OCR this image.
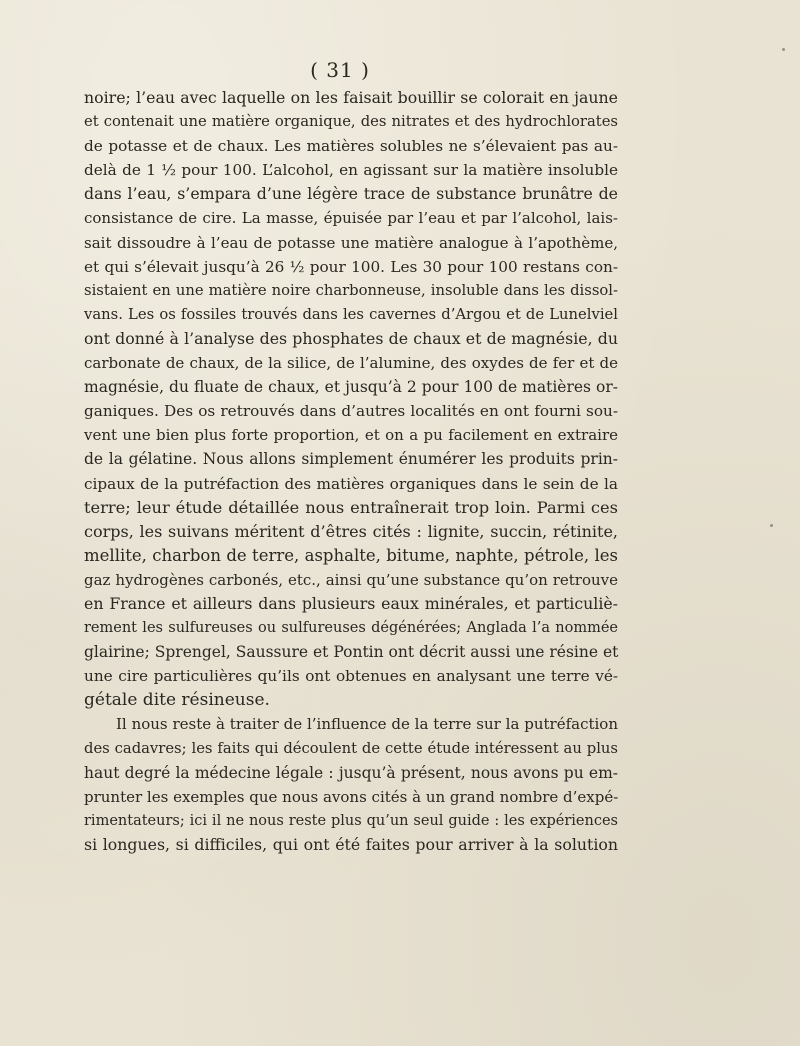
( 31 )
noire; l’eau avec laquelle on les faisait bouillir se colorait en jaune
et contenait une matière organique, des nitrates et des hydrochlorates
de potasse et de chaux. Les matières solubles ne s’élevaient pas au-
delà de 1 ½ pour 100. L’alcohol, en agissant sur la matière insoluble
dans l’eau, s’empara d’une légère trace de substance brunâtre de
consistance de cire. La masse, épuisée par l’eau et par l’alcohol, lais-
sait dissoudre à l’eau de potasse une matière analogue à l’apothème,
et qui s’élevait jusqu’à 26 ½ pour 100. Les 30 pour 100 restans con-
sistaient en une matière noire charbonneuse, insoluble dans les dissol-
vans. Les os fossiles trouvés dans les cavernes d’Argou et de Lunelviel
ont donné à l’analyse des phosphates de chaux et de magnésie, du
carbonate de chaux, de la silice, de l’alumine, des oxydes de fer et de
magnésie, du fluate de chaux, et jusqu’à 2 pour 100 de matières or-
ganiques. Des os retrouvés dans d’autres localités en ont fourni sou-
vent une bien plus forte proportion, et on a pu facilement en extraire
de la gélatine. Nous allons simplement énumérer les produits prin-
cipaux de la putréfaction des matières organiques dans le sein de la
terre; leur étude détaillée nous entraînerait trop loin. Parmi ces
corps, les suivans méritent d’êtres cités : lignite, succin, rétinite,
mellite, charbon de terre, asphalte, bitume, naphte, pétrole, les
gaz hydrogènes carbonés, etc., ainsi qu’une substance qu’on retrouve
en France et ailleurs dans plusieurs eaux minérales, et particuliè-
rement les sulfureuses ou sulfureuses dégénérées; Anglada l’a nommée
glairine; Sprengel, Saussure et Pontin ont décrit aussi une résine et
une cire particulières qu’ils ont obtenues en analysant une terre vé-
gétale dite résineuse.
Il nous reste à traiter de l’influence de la terre sur la putréfaction
des cadavres; les faits qui découlent de cette étude intéressent au plus
haut degré la médecine légale : jusqu’à présent, nous avons pu em-
prunter les exemples que nous avons cités à un grand nombre d’expé-
rimentateurs; ici il ne nous reste plus qu’un seul guide : les expériences
si longues, si difficiles, qui ont été faites pour arriver à la solution
